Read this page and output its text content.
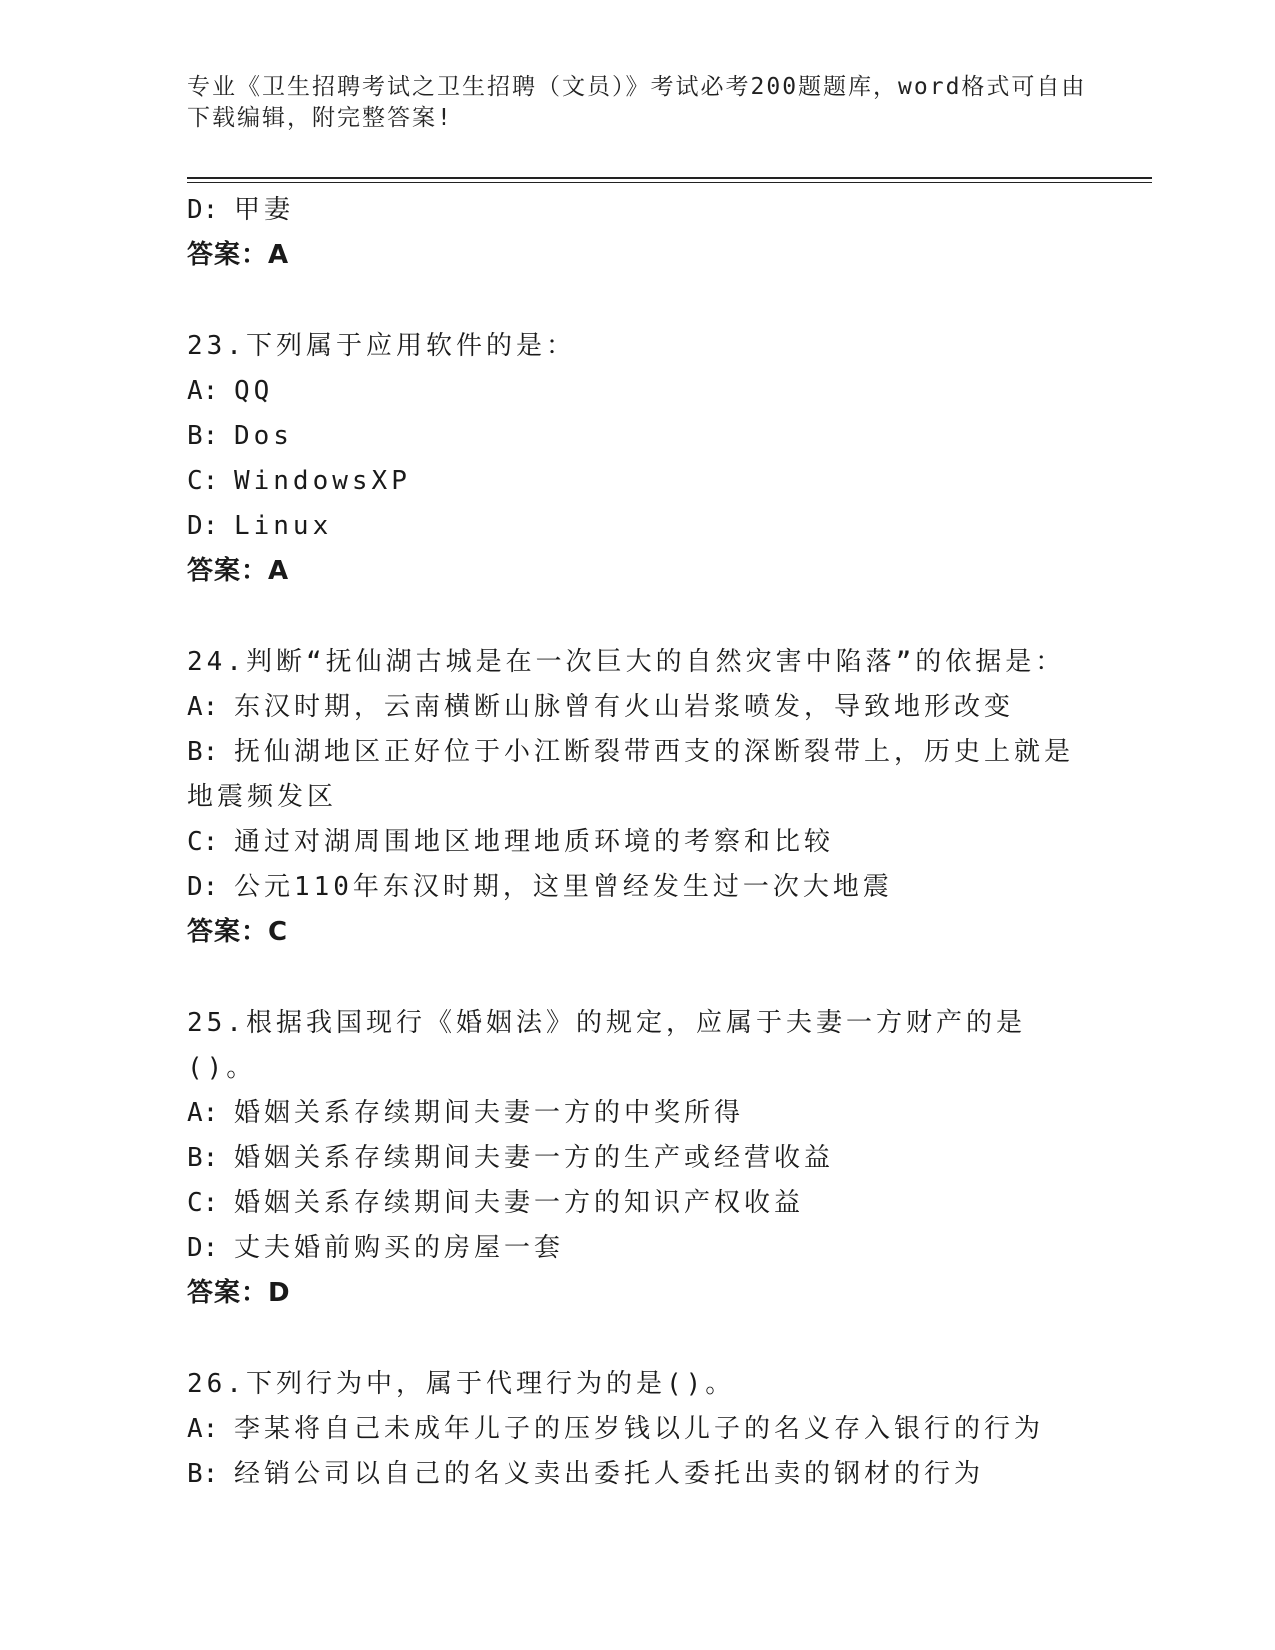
专业《卫生招聘考试之卫生招聘（文员）》考试必考200题题库，word格式可自由下载编辑，附完整答案!
D: 甲妻
答案：A
23.下列属于应用软件的是：
A: QQ
B: Dos
C: WindowsXP
D: Linux
答案：A
24.判断“抚仙湖古城是在一次巨大的自然灾害中陷落”的依据是：
A: 东汉时期，云南横断山脉曾有火山岩浆喷发，导致地形改变
B: 抚仙湖地区正好位于小江断裂带西支的深断裂带上，历史上就是地震频发区
C: 通过对湖周围地区地理地质环境的考察和比较
D: 公元110年东汉时期，这里曾经发生过一次大地震
答案：C
25.根据我国现行《婚姻法》的规定，应属于夫妻一方财产的是()。
A: 婚姻关系存续期间夫妻一方的中奖所得
B: 婚姻关系存续期间夫妻一方的生产或经营收益
C: 婚姻关系存续期间夫妻一方的知识产权收益
D: 丈夫婚前购买的房屋一套
答案：D
26.下列行为中，属于代理行为的是()。
A: 李某将自己未成年儿子的压岁钱以儿子的名义存入银行的行为
B: 经销公司以自己的名义卖出委托人委托出卖的钢材的行为
